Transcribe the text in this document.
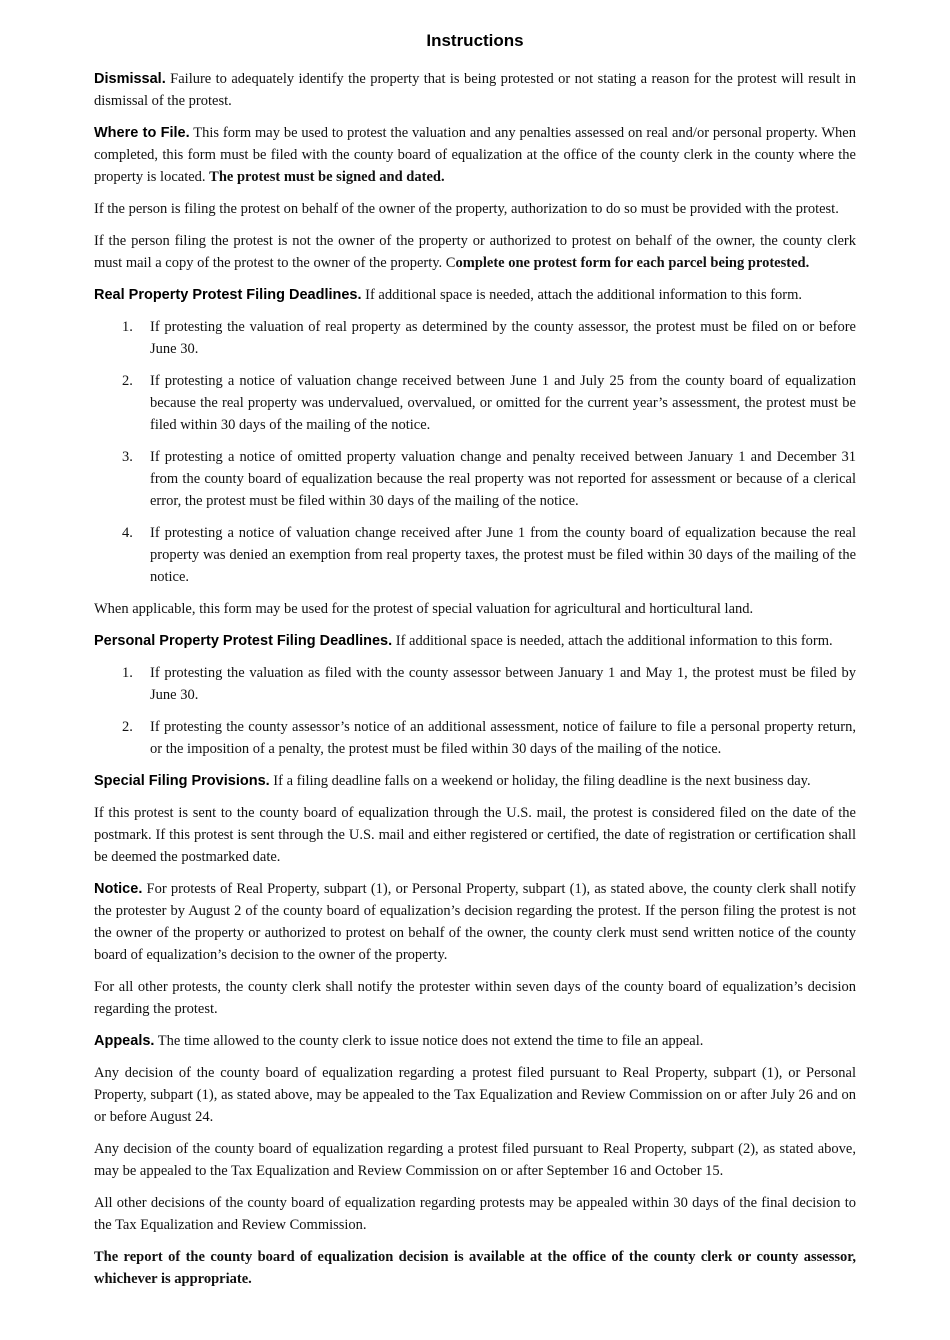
Instructions

Dismissal. Failure to adequately identify the property that is being protested or not stating a reason for the protest will result in dismissal of the protest.

Where to File. This form may be used to protest the valuation and any penalties assessed on real and/or personal property. When completed, this form must be filed with the county board of equalization at the office of the county clerk in the county where the property is located. The protest must be signed and dated.

If the person is filing the protest on behalf of the owner of the property, authorization to do so must be provided with the protest.

If the person filing the protest is not the owner of the property or authorized to protest on behalf of the owner, the county clerk must mail a copy of the protest to the owner of the property. Complete one protest form for each parcel being protested.

Real Property Protest Filing Deadlines. If additional space is needed, attach the additional information to this form.

1.	If protesting the valuation of real property as determined by the county assessor, the protest must be filed on or before June 30.
2.	If protesting a notice of valuation change received between June 1 and July 25 from the county board of equalization because the real property was undervalued, overvalued, or omitted for the current year’s assessment, the protest must be filed within 30 days of the mailing of the notice.
3.	If protesting a notice of omitted property valuation change and penalty received between January 1 and December 31 from the county board of equalization because the real property was not reported for assessment or because of a clerical error, the protest must be filed within 30 days of the mailing of the notice.
4.	If protesting a notice of valuation change received after June 1 from the county board of equalization because the real property was denied an exemption from real property taxes, the protest must be filed within 30 days of the mailing of the notice.

When applicable, this form may be used for the protest of special valuation for agricultural and horticultural land.

Personal Property Protest Filing Deadlines. If additional space is needed, attach the additional information to this form.

1.	If protesting the valuation as filed with the county assessor between January 1 and May 1, the protest must be filed by June 30.
2.	If protesting the county assessor’s notice of an additional assessment, notice of failure to file a personal property return, or the imposition of a penalty, the protest must be filed within 30 days of the mailing of the notice.

Special Filing Provisions. If a filing deadline falls on a weekend or holiday, the filing deadline is the next business day.

If this protest is sent to the county board of equalization through the U.S. mail, the protest is considered filed on the date of the postmark. If this protest is sent through the U.S. mail and either registered or certified, the date of registration or certification shall be deemed the postmarked date.

Notice. For protests of Real Property, subpart (1), or Personal Property, subpart (1), as stated above, the county clerk shall notify the protester by August 2 of the county board of equalization’s decision regarding the protest. If the person filing the protest is not the owner of the property or authorized to protest on behalf of the owner, the county clerk must send written notice of the county board of equalization’s decision to the owner of the property.

For all other protests, the county clerk shall notify the protester within seven days of the county board of equalization’s decision regarding the protest.

Appeals. The time allowed to the county clerk to issue notice does not extend the time to file an appeal.

Any decision of the county board of equalization regarding a protest filed pursuant to Real Property, subpart (1), or Personal Property, subpart (1), as stated above, may be appealed to the Tax Equalization and Review Commission on or after July 26 and on or before August 24.

Any decision of the county board of equalization regarding a protest filed pursuant to Real Property, subpart (2), as stated above, may be appealed to the Tax Equalization and Review Commission on or after September 16 and October 15.

All other decisions of the county board of equalization regarding protests may be appealed within 30 days of the final decision to the Tax Equalization and Review Commission.

The report of the county board of equalization decision is available at the office of the county clerk or county assessor, whichever is appropriate.
